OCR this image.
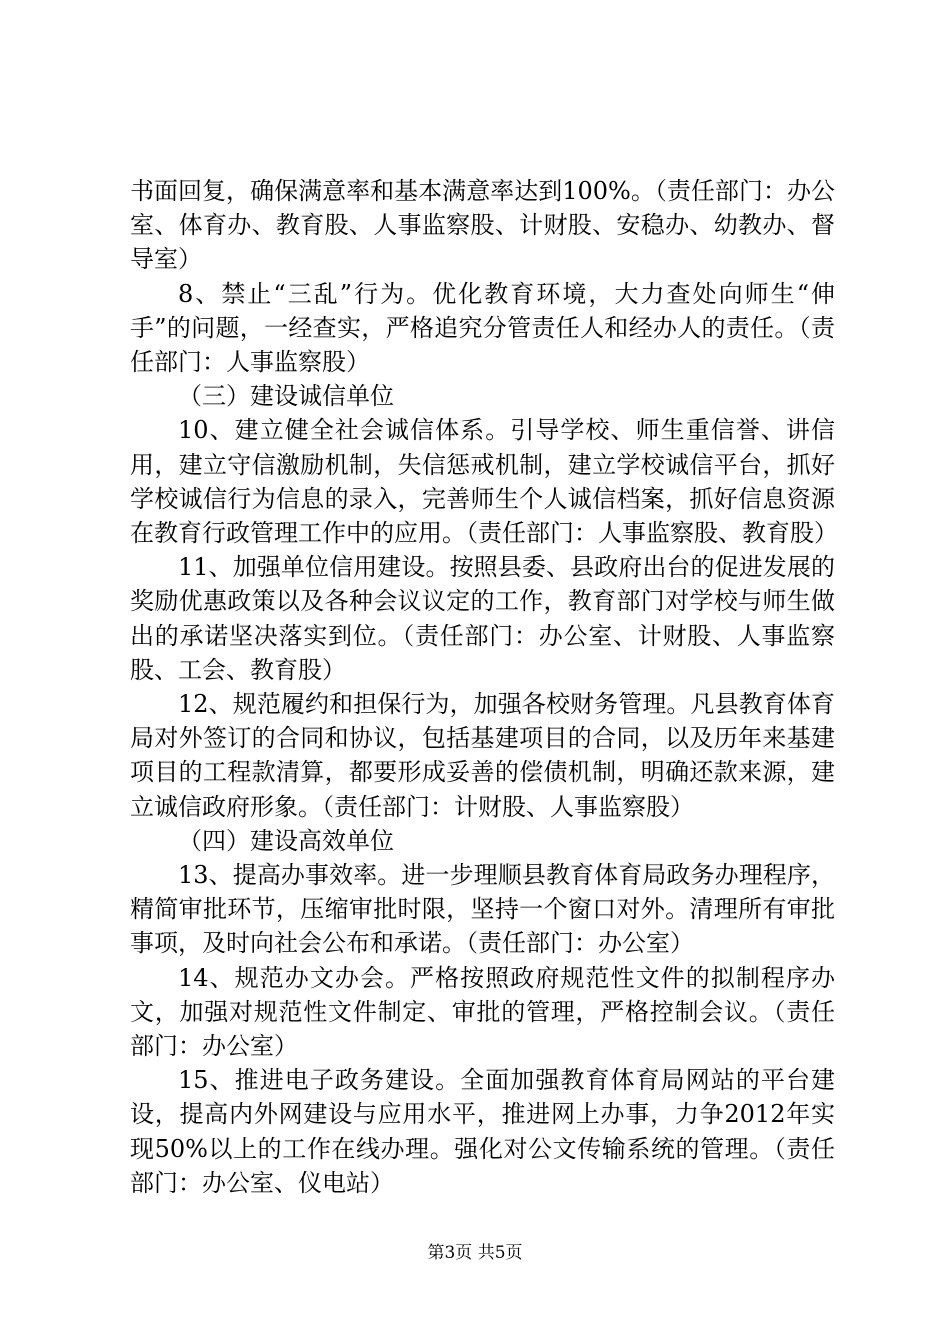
书面回复，确保满意率和基本满意率达到100%。（责任部门：办公室、体育办、教育股、人事监察股、计财股、安稳办、幼教办、督导室）

8、禁止“三乱”行为。优化教育环境，大力查处向师生“伸手”的问题，一经查实，严格追究分管责任人和经办人的责任。（责任部门：人事监察股）

（三）建设诚信单位

10、建立健全社会诚信体系。引导学校、师生重信誉、讲信用，建立守信激励机制，失信惩戒机制，建立学校诚信平台，抓好学校诚信行为信息的录入，完善师生个人诚信档案，抓好信息资源在教育行政管理工作中的应用。（责任部门：人事监察股、教育股）

11、加强单位信用建设。按照县委、县政府出台的促进发展的奖励优惠政策以及各种会议议定的工作，教育部门对学校与师生做出的承诺坚决落实到位。（责任部门：办公室、计财股、人事监察股、工会、教育股）

12、规范履约和担保行为，加强各校财务管理。凡县教育体育局对外签订的合同和协议，包括基建项目的合同，以及历年来基建项目的工程款清算，都要形成妥善的偿债机制，明确还款来源，建立诚信政府形象。（责任部门：计财股、人事监察股）

（四）建设高效单位

13、提高办事效率。进一步理顺县教育体育局政务办理程序，精简审批环节，压缩审批时限，坚持一个窗口对外。清理所有审批事项，及时向社会公布和承诺。（责任部门：办公室）

14、规范办文办会。严格按照政府规范性文件的拟制程序办文，加强对规范性文件制定、审批的管理，严格控制会议。（责任部门：办公室）

15、推进电子政务建设。全面加强教育体育局网站的平台建设，提高内外网建设与应用水平，推进网上办事，力争2012年实现50%以上的工作在线办理。强化对公文传输系统的管理。（责任部门：办公室、仪电站）

第3页 共5页
